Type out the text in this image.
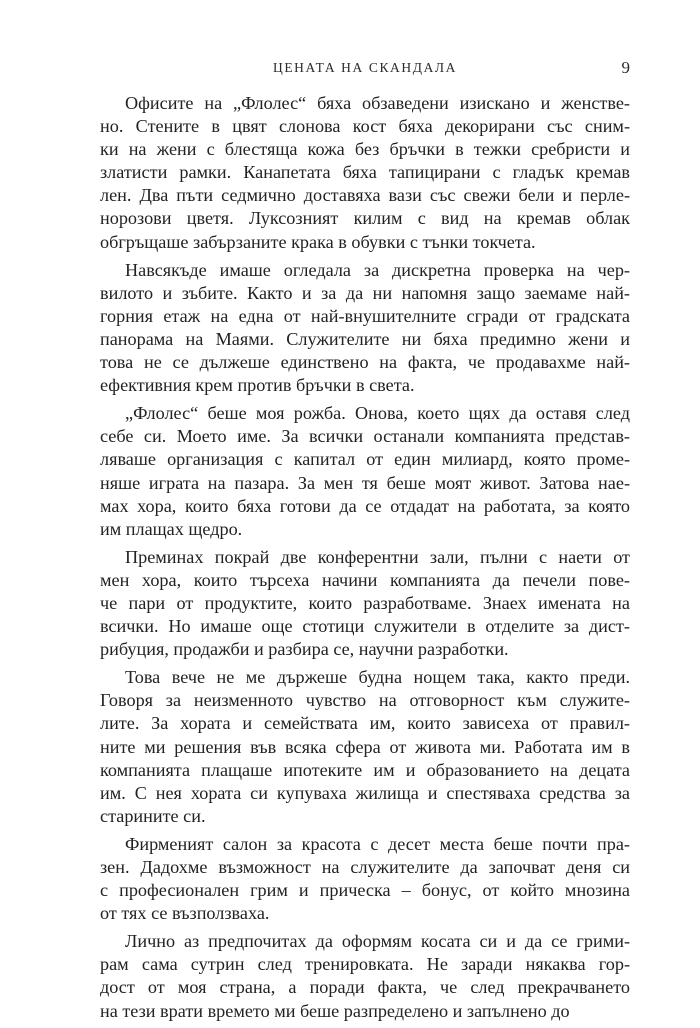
ЦЕНАТА НА СКАНДАЛА	9
Офисите на „Флолес“ бяха обзаведени изискано и женстве-
но. Стените в цвят слонова кост бяха декорирани със сним-
ки на жени с блестяща кожа без бръчки в тежки сребристи и
златисти рамки. Канапетата бяха тапицирани с гладък кремав
лен. Два пъти седмично доставяха вази със свежи бели и перле-
норозови цветя. Луксозният килим с вид на кремав облак
обгръщаше забързаните крака в обувки с тънки токчета.
Навсякъде имаше огледала за дискретна проверка на чер-
вилото и зъбите. Както и за да ни напомня защо заемаме най-
горния етаж на една от най-внушителните сгради от градската
панорама на Маями. Служителите ни бяха предимно жени и
това не се дължеше единствено на факта, че продавахме най-
ефективния крем против бръчки в света.
„Флолес“ беше моя рожба. Онова, което щях да оставя след
себе си. Моето име. За всички останали компанията представ-
ляваше организация с капитал от един милиард, която проме-
няше играта на пазара. За мен тя беше моят живот. Затова нае-
мах хора, които бяха готови да се отдадат на работата, за която
им плащах щедро.
Преминах покрай две конферентни зали, пълни с наети от
мен хора, които търсеха начини компанията да печели пове-
че пари от продуктите, които разработваме. Знаех имената на
всички. Но имаше още стотици служители в отделите за дист-
рибуция, продажби и разбира се, научни разработки.
Това вече не ме държеше будна нощем така, както преди.
Говоря за неизменното чувство на отговорност към служите-
лите. За хората и семействата им, които зависеха от правил-
ните ми решения във всяка сфера от живота ми. Работата им в
компанията плащаше ипотеките им и образованието на децата
им. С нея хората си купуваха жилища и спестяваха средства за
старините си.
Фирменият салон за красота с десет места беше почти пра-
зен. Дадохме възможност на служителите да започват деня си
с професионален грим и прическа – бонус, от който мнозина
от тях се възползваха.
Лично аз предпочитах да оформям косата си и да се грими-
рам сама сутрин след тренировката. Не заради някаква гор-
дост от моя страна, а поради факта, че след прекрачването
на тези врати времето ми беше разпределено и запълнено до
